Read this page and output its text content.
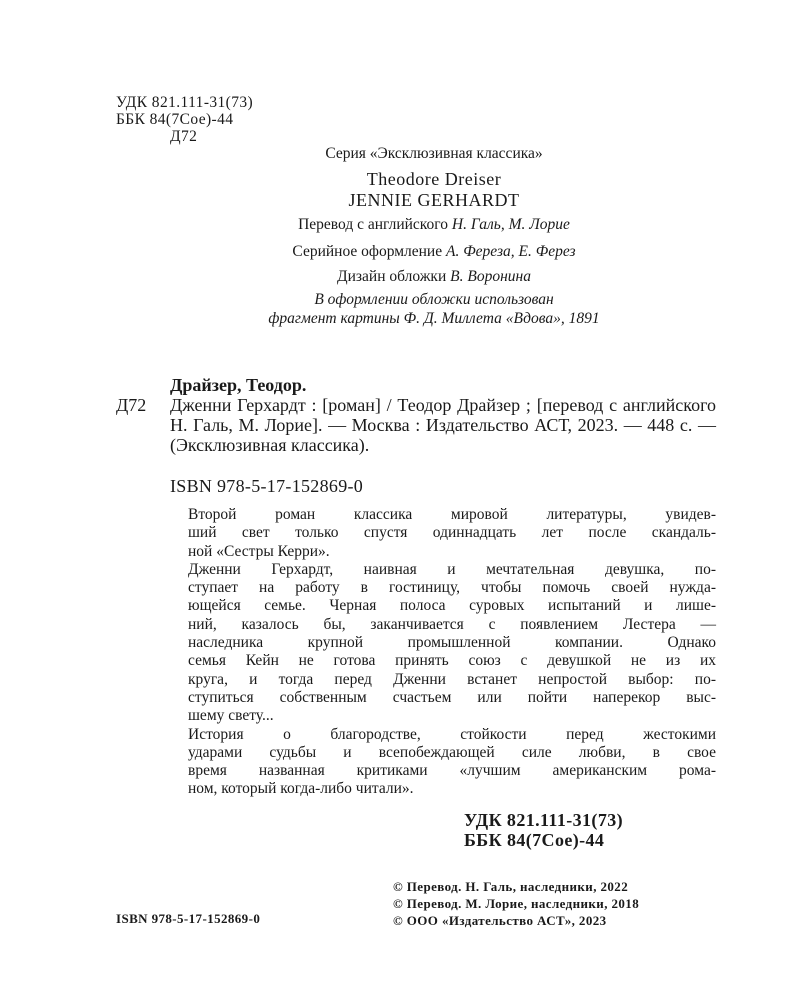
УДК 821.111-31(73)
ББК 84(7Сое)-44
Д72
Серия «Эксклюзивная классика»
Theodore Dreiser
JENNIE GERHARDT
Перевод с английского Н. Галь, М. Лорие
Серийное оформление А. Фереза, Е. Ферез
Дизайн обложки В. Воронина
В оформлении обложки использован
фрагмент картины Ф. Д. Миллета «Вдова», 1891
Драйзер, Теодор.
Д72	Дженни Герхардт : [роман] / Теодор Драйзер ; [перевод с английского Н. Галь, М. Лорие]. — Москва : Издательство АСТ, 2023. — 448 с. — (Эксклюзивная классика).
ISBN 978-5-17-152869-0
Второй роман классика мировой литературы, увидев-
ший свет только спустя одиннадцать лет после скандаль-
ной «Сестры Керри».
Дженни Герхардт, наивная и мечтательная девушка, по-
ступает на работу в гостиницу, чтобы помочь своей нужда-
ющейся семье. Черная полоса суровых испытаний и лише-
ний, казалось бы, заканчивается с появлением Лестера —
наследника крупной промышленной компании. Однако
семья Кейн не готова принять союз с девушкой не из их
круга, и тогда перед Дженни встанет непростой выбор: по-
ступиться собственным счастьем или пойти наперекор выс-
шему свету...
История о благородстве, стойкости перед жестокими
ударами судьбы и всепобеждающей силе любви, в свое
время названная критиками «лучшим американским рома-
ном, который когда-либо читали».
УДК 821.111-31(73)
ББК 84(7Сое)-44
© Перевод. Н. Галь, наследники, 2022
© Перевод. М. Лорие, наследники, 2018
© ООО «Издательство АСТ», 2023
ISBN 978-5-17-152869-0
